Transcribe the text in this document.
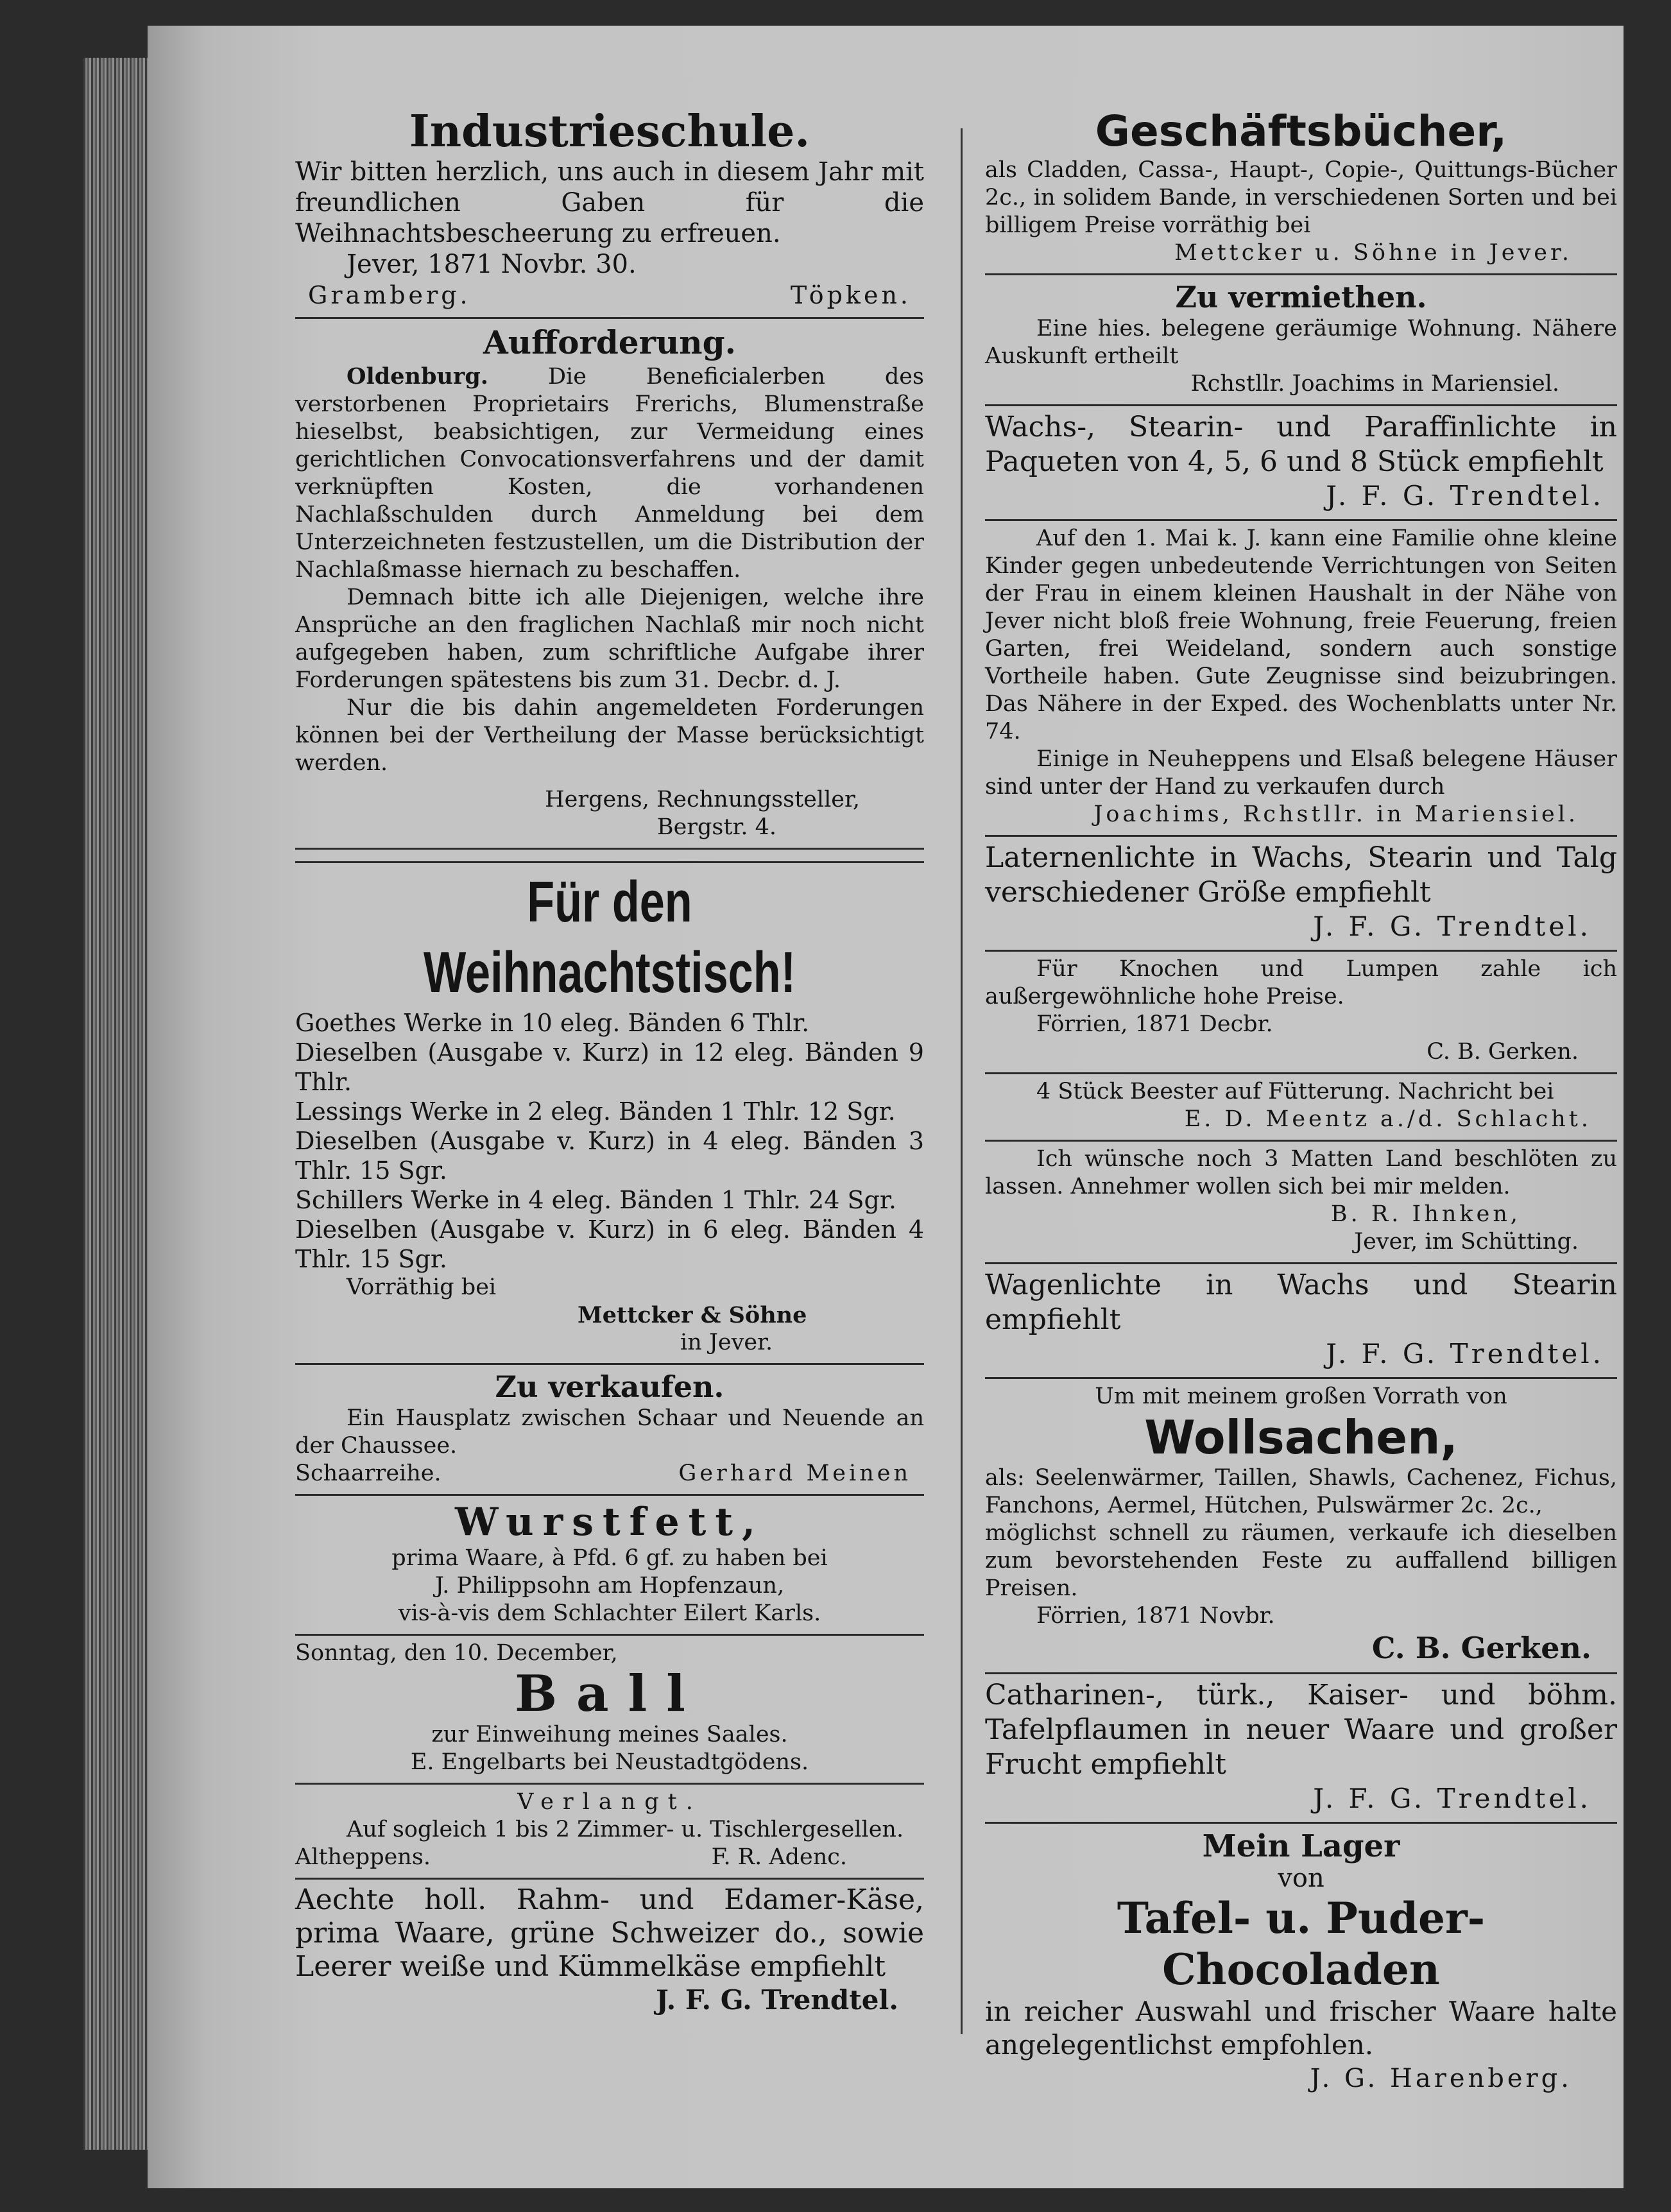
Industrieschule.
Wir bitten herzlich, uns auch in diesem Jahr mit freundlichen Gaben für die Weihnachtsbescheerung zu erfreuen.
Jever, 1871 Novbr. 30.
Gramberg.	Töpken.
Aufforderung.
Oldenburg.	Die Beneficialerben des verstorbenen Proprietairs Frerichs, Blumenstraße hieselbst, beabsichtigen, zur Vermeidung eines gerichtlichen Convocationsverfahrens und der damit verknüpften Kosten, die vorhandenen Nachlaßschulden durch Anmeldung bei dem Unterzeichneten festzustellen, um die Distribution der Nachlaßmasse hiernach zu beschaffen.
Demnach bitte ich alle Diejenigen, welche ihre Ansprüche an den fraglichen Nachlaß mir noch nicht aufgegeben haben, zum schriftliche Aufgabe ihrer Forderungen spätestens bis zum 31. Decbr. d. J.
Nur die bis dahin angemeldeten Forderungen können bei der Vertheilung der Masse berücksichtigt werden.
Hergens, Rechnungssteller,
Bergstr. 4.
Für den Weihnachtstisch!
Goethes Werke in 10 eleg. Bänden 6 Thlr.
Dieselben (Ausgabe v. Kurz) in 12 eleg. Bänden 9 Thlr.
Lessings Werke in 2 eleg. Bänden 1 Thlr. 12 Sgr.
Dieselben (Ausgabe v. Kurz) in 4 eleg. Bänden 3 Thlr. 15 Sgr.
Schillers Werke in 4 eleg. Bänden 1 Thlr. 24 Sgr.
Dieselben (Ausgabe v. Kurz) in 6 eleg. Bänden 4 Thlr. 15 Sgr.
Vorräthig bei
Mettcker & Söhne
in Jever.
Zu verkaufen.
Ein Hausplatz zwischen Schaar und Neuende an der Chaussee.
Schaarreihe.	Gerhard Meinen
Wurstfett,
prima Waare, à Pfd. 6 gf. zu haben bei
J. Philippsohn am Hopfenzaun,
vis-à-vis dem Schlachter Eilert Karls.
Sonntag, den 10. December,
Ball
zur Einweihung meines Saales.
E. Engelbarts bei Neustadtgödens.
Verlangt.
Auf sogleich 1 bis 2 Zimmer- u. Tischlergesellen.
Altheppens.	F. R. Adenc.
Aechte holl. Rahm- und Edamer-Käse, prima Waare, grüne Schweizer do., sowie Leerer weiße und Kümmelkäse empfiehlt
J. F. G. Trendtel.
Geschäftsbücher,
als Cladden, Cassa-, Haupt-, Copie-, Quittungs-Bücher 2c., in solidem Bande, in verschiedenen Sorten und bei billigem Preise vorräthig bei
Mettcker u. Söhne in Jever.
Zu vermiethen.
Eine hies. belegene geräumige Wohnung. Nähere Auskunft ertheilt
Rchstllr. Joachims in Mariensiel.
Wachs-, Stearin- und Paraffinlichte in Paqueten von 4, 5, 6 und 8 Stück empfiehlt
J. F. G. Trendtel.
Auf den 1. Mai k. J. kann eine Familie ohne kleine Kinder gegen unbedeutende Verrichtungen von Seiten der Frau in einem kleinen Haushalt in der Nähe von Jever nicht bloß freie Wohnung, freie Feuerung, freien Garten, frei Weideland, sondern auch sonstige Vortheile haben. Gute Zeugnisse sind beizubringen. Das Nähere in der Exped. des Wochenblatts unter Nr. 74.
Einige in Neuheppens und Elsaß belegene Häuser sind unter der Hand zu verkaufen durch
Joachims, Rchstllr. in Mariensiel.
Laternenlichte in Wachs, Stearin und Talg verschiedener Größe empfiehlt
J. F. G. Trendtel.
Für Knochen und Lumpen zahle ich außergewöhnliche hohe Preise.
Förrien, 1871 Decbr.
C. B. Gerken.
4 Stück Beester auf Fütterung. Nachricht bei
E. D. Meentz a./d. Schlacht.
Ich wünsche noch 3 Matten Land beschlöten zu lassen. Annehmer wollen sich bei mir melden.
B. R. Ihnken,
Jever, im Schütting.
Wagenlichte in Wachs und Stearin empfiehlt
J. F. G. Trendtel.
Um mit meinem großen Vorrath von
Wollsachen,
als: Seelenwärmer, Taillen, Shawls, Cachenez, Fichus, Fanchons, Aermel, Hütchen, Pulswärmer 2c. 2c.,
möglichst schnell zu räumen, verkaufe ich dieselben zum bevorstehenden Feste zu auffallend billigen Preisen.
Förrien, 1871 Novbr.
C. B. Gerken.
Catharinen-, türk., Kaiser- und böhm. Tafelpflaumen in neuer Waare und großer Frucht empfiehlt
J. F. G. Trendtel.
Mein Lager
von
Tafel- u. Puder-Chocoladen
in reicher Auswahl und frischer Waare halte angelegentlichst empfohlen.
J. G. Harenberg.
